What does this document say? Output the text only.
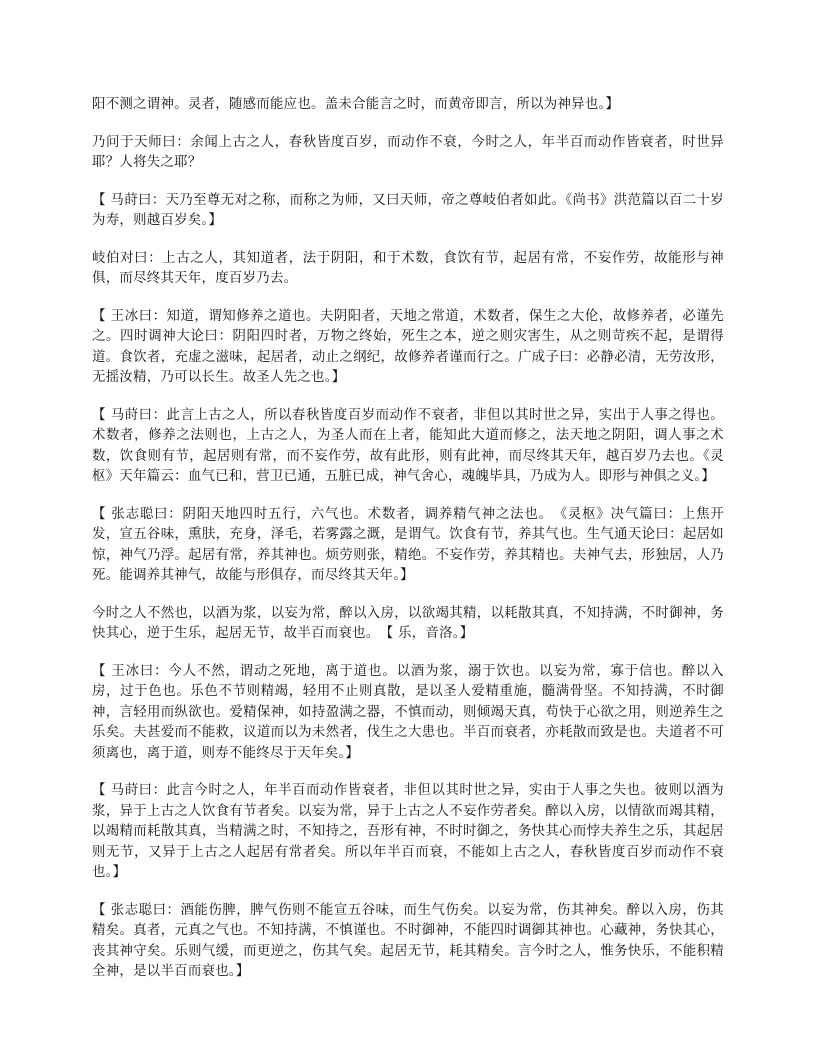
阳不测之谓神。灵者，随感而能应也。盖未合能言之时，而黄帝即言，所以为神异也。】

乃问于天师曰：余闻上古之人，春秋皆度百岁，而动作不衰，今时之人，年半百而动作皆衰者，时世异耶？人将失之耶？

【 马莳曰：天乃至尊无对之称，而称之为师，又曰天师，帝之尊岐伯者如此。《尚书》洪范篇以百二十岁为寿，则越百岁矣。】

岐伯对曰：上古之人，其知道者，法于阴阳，和于术数，食饮有节，起居有常，不妄作劳，故能形与神俱，而尽终其天年，度百岁乃去。

【 王冰曰：知道，谓知修养之道也。夫阴阳者，天地之常道，术数者，保生之大伦，故修养者，必谨先之。四时调神大论曰：阴阳四时者，万物之终始，死生之本，逆之则灾害生，从之则苛疾不起，是谓得道。食饮者，充虚之滋味，起居者，动止之纲纪，故修养者谨而行之。广成子曰：必静必清，无劳汝形，无摇汝精，乃可以长生。故圣人先之也。】

【 马莳曰：此言上古之人，所以春秋皆度百岁而动作不衰者，非但以其时世之异，实出于人事之得也。术数者，修养之法则也，上古之人，为圣人而在上者，能知此大道而修之，法天地之阴阳，调人事之术数，饮食则有节，起居则有常，而不妄作劳，故有此形，则有此神，而尽终其天年，越百岁乃去也。《灵枢》天年篇云：血气已和，营卫已通，五脏已成，神气舍心，魂魄毕具，乃成为人。即形与神俱之义。】

【 张志聪曰：阴阳天地四时五行，六气也。术数者，调养精气神之法也。　《灵枢》决气篇曰：上焦开发，宣五谷味，熏肤，充身，泽毛，若雾露之溉，是谓气。饮食有节，养其气也。生气通天论曰：起居如惊，神气乃浮。起居有常，养其神也。烦劳则张，精绝。不妄作劳，养其精也。夫神气去，形独居，人乃死。能调养其神气，故能与形俱存，而尽终其天年。】

今时之人不然也，以酒为浆，以妄为常，醉以入房，以欲竭其精，以耗散其真，不知持满，不时御神，务快其心，逆于生乐，起居无节，故半百而衰也。　【 乐，音洛。】

【 王冰曰：今人不然，谓动之死地，离于道也。以酒为浆，溺于饮也。以妄为常，寡于信也。醉以入房，过于色也。乐色不节则精竭，轻用不止则真散，是以圣人爱精重施，髓满骨坚。不知持满，不时御神，言轻用而纵欲也。爱精保神，如持盈满之器，不慎而动，则倾竭天真，苟快于心欲之用，则逆养生之乐矣。夫甚爱而不能救，议道而以为未然者，伐生之大患也。半百而衰者，亦耗散而致是也。夫道者不可须离也，离于道，则寿不能终尽于天年矣。】

【 马莳曰：此言今时之人，年半百而动作皆衰者，非但以其时世之异，实由于人事之失也。彼则以酒为浆，异于上古之人饮食有节者矣。以妄为常，异于上古之人不妄作劳者矣。醉以入房，以情欲而竭其精，以竭精而耗散其真，当精满之时，不知持之，吾形有神，不时时御之，务快其心而悖夫养生之乐，其起居则无节，又异于上古之人起居有常者矣。所以年半百而衰，不能如上古之人，春秋皆度百岁而动作不衰也。】

【 张志聪曰：酒能伤脾，脾气伤则不能宣五谷味，而生气伤矣。以妄为常，伤其神矣。醉以入房，伤其精矣。真者，元真之气也。不知持满，不慎谨也。不时御神，不能四时调御其神也。心藏神，务快其心，丧其神守矣。乐则气缓，而更逆之，伤其气矣。起居无节，耗其精矣。言今时之人，惟务快乐，不能积精全神，是以半百而衰也。】
